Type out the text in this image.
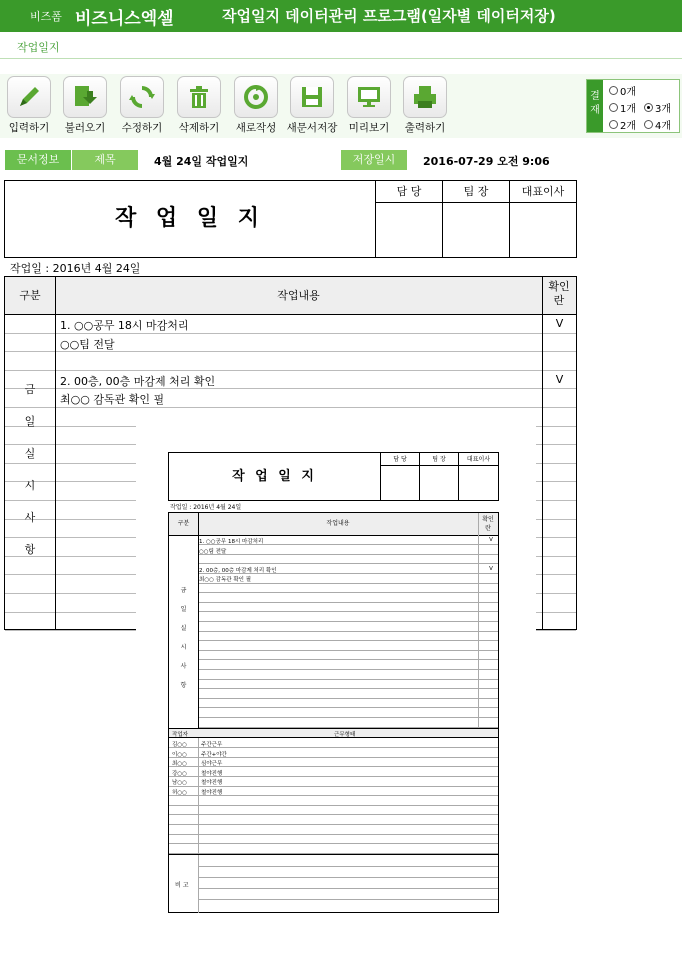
비즈폼 비즈니스엑셀	작업일지 데이터관리 프로그램(일자별 데이터저장)
작업일지
입력하기	불러오기	수정하기	삭제하기	새로작성 새문서저장	미리보기	출력하기
결재
0개
1개 3개
2개 4개
문서정보	제목	4월 24일 작업일지	저장일시	2016-07-29 오전 9:06
작 업 일 지
담 당	팀 장	대표이사
작업일 : 2016년 4월 24일
구분	작업내용
확인란
1. ○○공무 18시 마감처리	V
○○팀 전달
2. 00층, 00층 마감제 처리 확인	V
최○○ 감독관 확인 필
금
일
실
시
사
항
작 업 일 지
담 당	팀 장	대표이사
작업일 : 2016년 4월 24일
구분	작업내용
확인란
1. ○○공무 18시 마감처리	V
○○팀 전달
2. 00층, 00층 마감제 처리 확인	V
최○○ 감독관 확인 필
금
일
실
시
사
항
작업자	근무형태
김○○	주간근무
이○○	주간+야간
최○○	심야근무
강○○	철야진행
남○○	철야진행
허○○	철야진행
비 고
